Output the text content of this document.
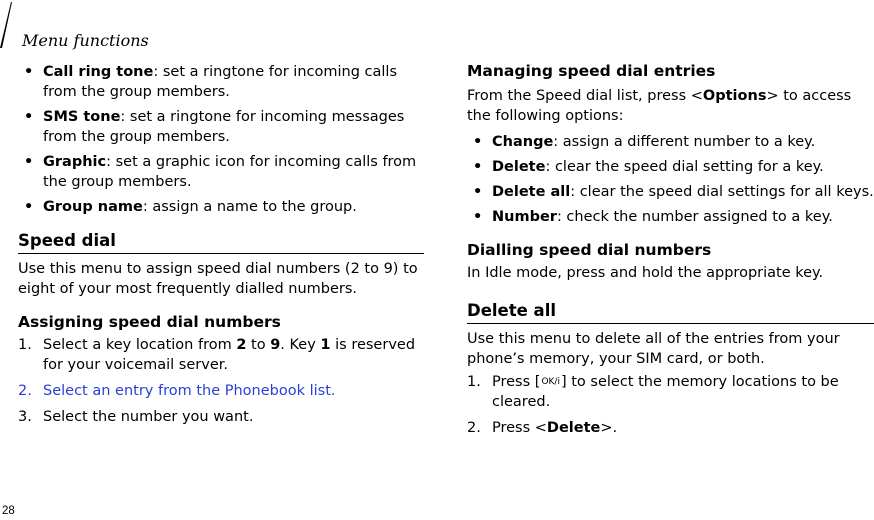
Menu functions
• Call ring tone: set a ringtone for incoming calls from the group members.
• SMS tone: set a ringtone for incoming messages from the group members.
• Graphic: set a graphic icon for incoming calls from the group members.
• Group name: assign a name to the group.
Speed dial

Use this menu to assign speed dial numbers (2 to 9) to eight of your most frequently dialled numbers.

Assigning speed dial numbers
1. Select a key location from 2 to 9. Key 1 is reserved for your voicemail server.
2. Select an entry from the Phonebook list.
3. Select the number you want.
Managing speed dial entries

From the Speed dial list, press <Options> to access the following options:

• Change: assign a different number to a key.
• Delete: clear the speed dial setting for a key.
• Delete all: clear the speed dial settings for all keys.
• Number: check the number assigned to a key.
Dialling speed dial numbers

In Idle mode, press and hold the appropriate key.

Delete all

Use this menu to delete all of the entries from your phone’s memory, your SIM card, or both.

1. Press [OK/i] to select the memory locations to be cleared.
2. Press <Delete>.
28
